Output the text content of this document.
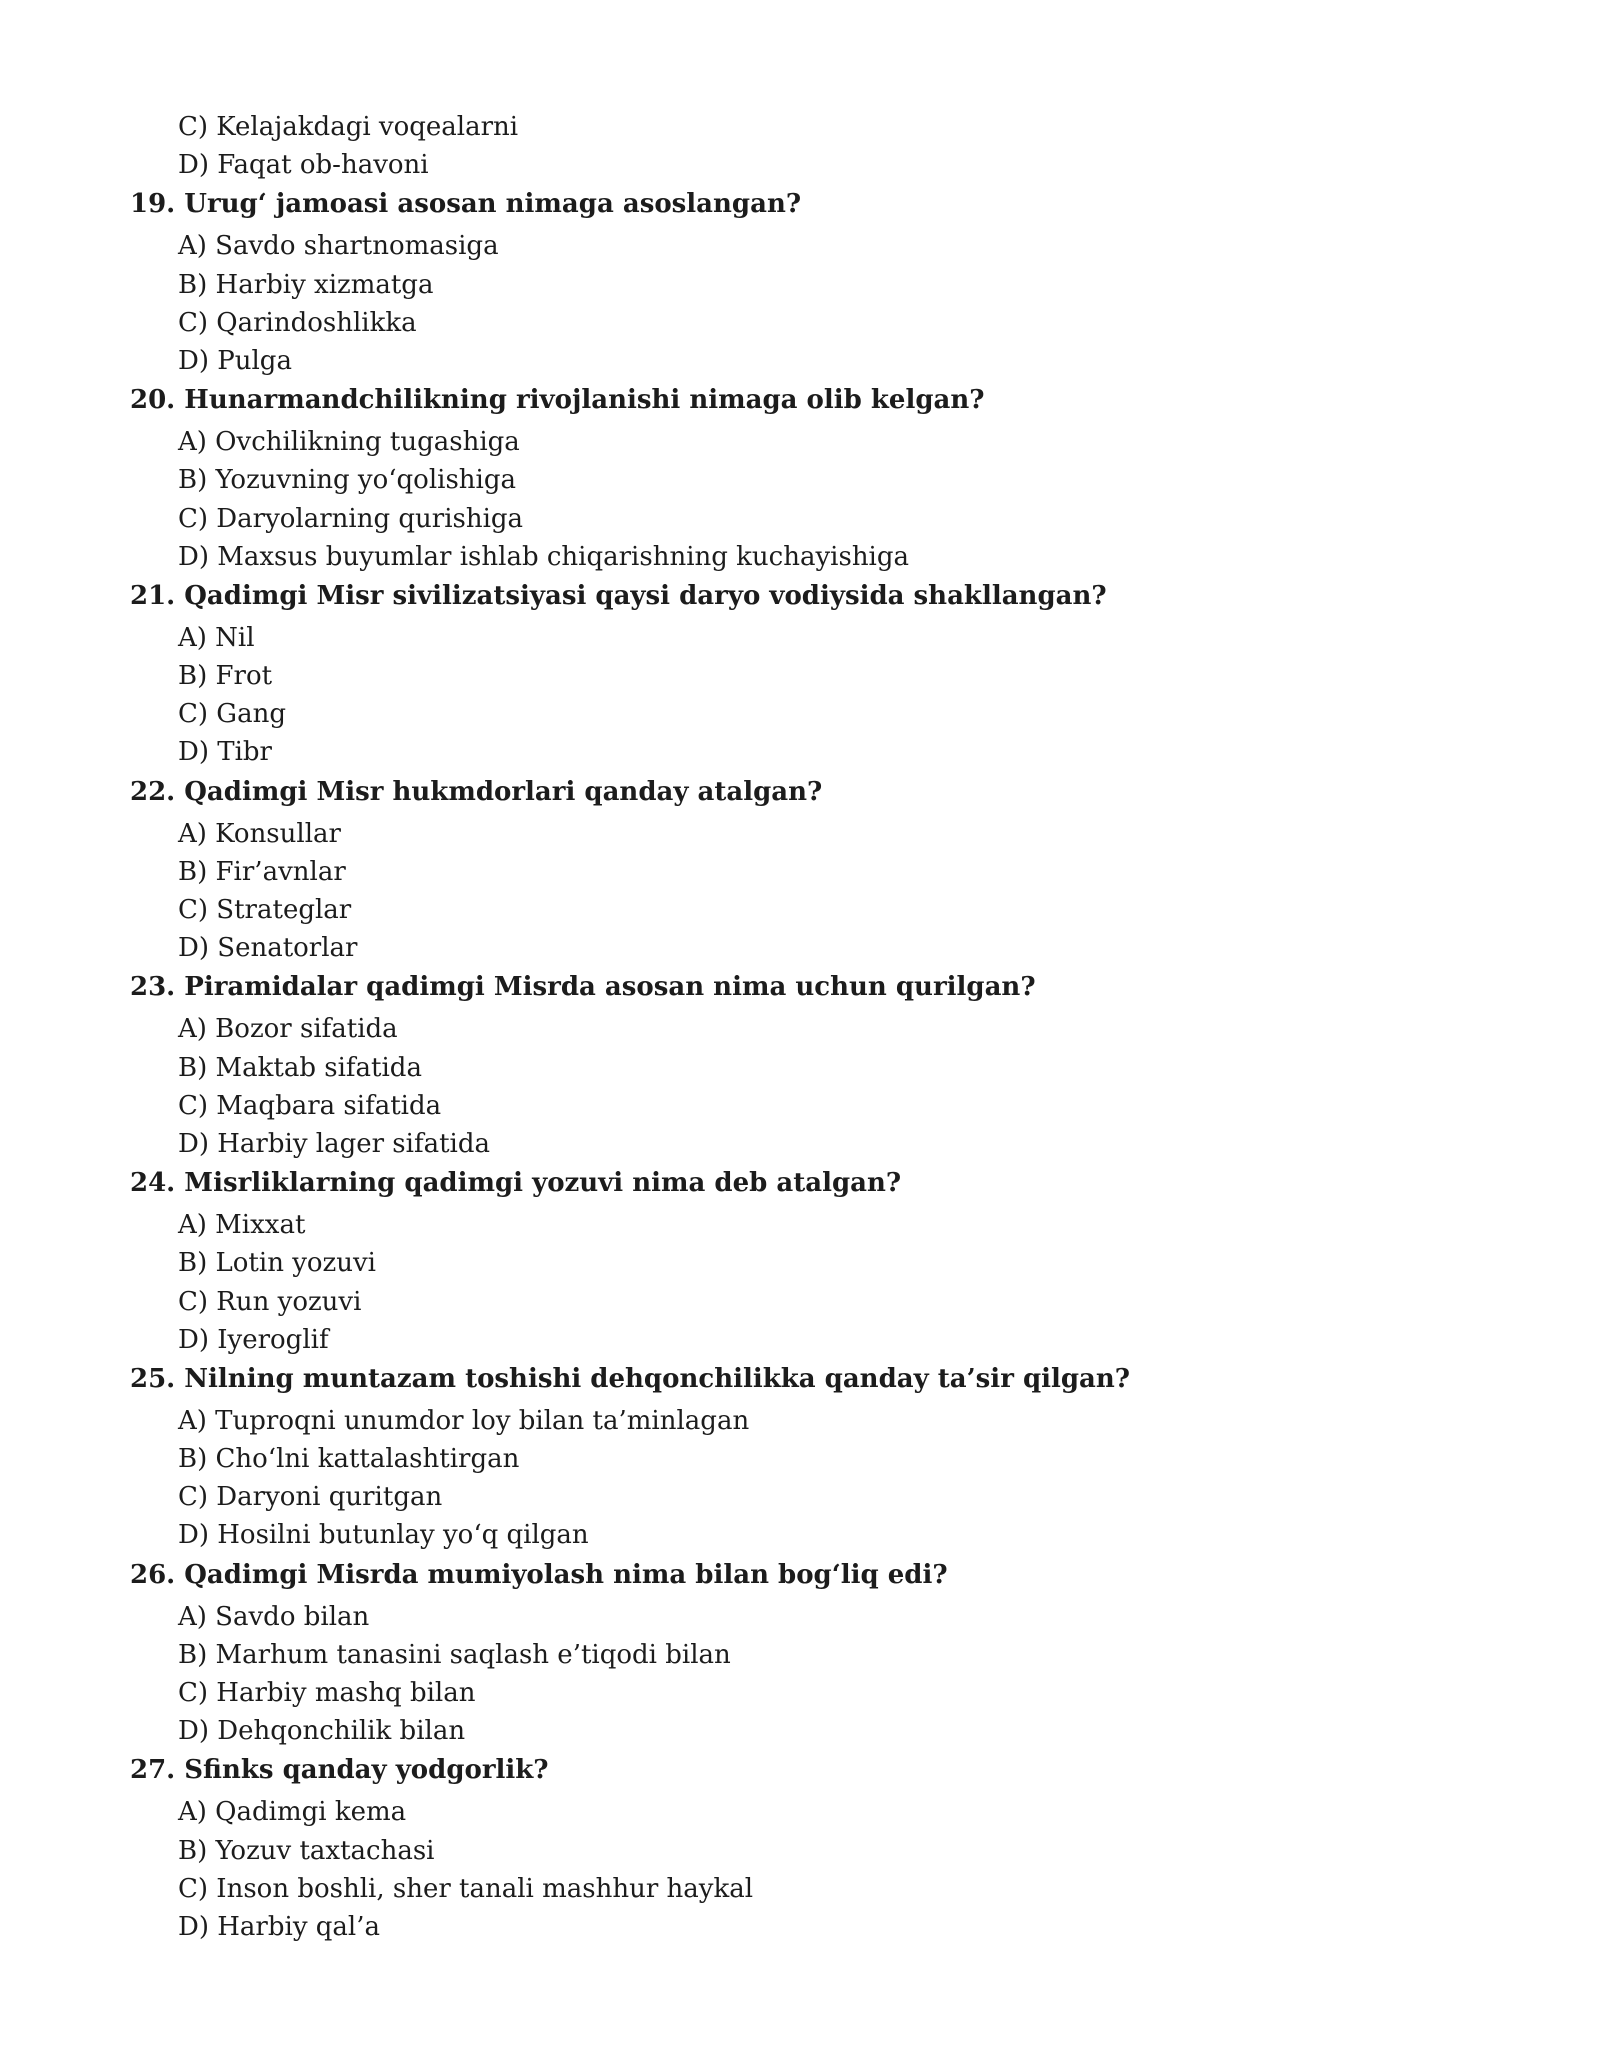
C) Kelajakdagi voqealarni
D) Faqat ob-havoni
19. Urug‘ jamoasi asosan nimaga asoslangan?
A) Savdo shartnomasiga
B) Harbiy xizmatga
C) Qarindoshlikka
D) Pulga
20. Hunarmandchilikning rivojlanishi nimaga olib kelgan?
A) Ovchilikning tugashiga
B) Yozuvning yo‘qolishiga
C) Daryolarning qurishiga
D) Maxsus buyumlar ishlab chiqarishning kuchayishiga
21. Qadimgi Misr sivilizatsiyasi qaysi daryo vodiysida shakllangan?
A) Nil
B) Frot
C) Gang
D) Tibr
22. Qadimgi Misr hukmdorlari qanday atalgan?
A) Konsullar
B) Fir’avnlar
C) Strateglar
D) Senatorlar
23. Piramidalar qadimgi Misrda asosan nima uchun qurilgan?
A) Bozor sifatida
B) Maktab sifatida
C) Maqbara sifatida
D) Harbiy lager sifatida
24. Misrliklarning qadimgi yozuvi nima deb atalgan?
A) Mixxat
B) Lotin yozuvi
C) Run yozuvi
D) Iyeroglif
25. Nilning muntazam toshishi dehqonchilikka qanday ta’sir qilgan?
A) Tuproqni unumdor loy bilan ta’minlagan
B) Cho‘lni kattalashtirgan
C) Daryoni quritgan
D) Hosilni butunlay yo‘q qilgan
26. Qadimgi Misrda mumiyolash nima bilan bog‘liq edi?
A) Savdo bilan
B) Marhum tanasini saqlash e’tiqodi bilan
C) Harbiy mashq bilan
D) Dehqonchilik bilan
27. Sfinks qanday yodgorlik?
A) Qadimgi kema
B) Yozuv taxtachasi
C) Inson boshli, sher tanali mashhur haykal
D) Harbiy qal’a
